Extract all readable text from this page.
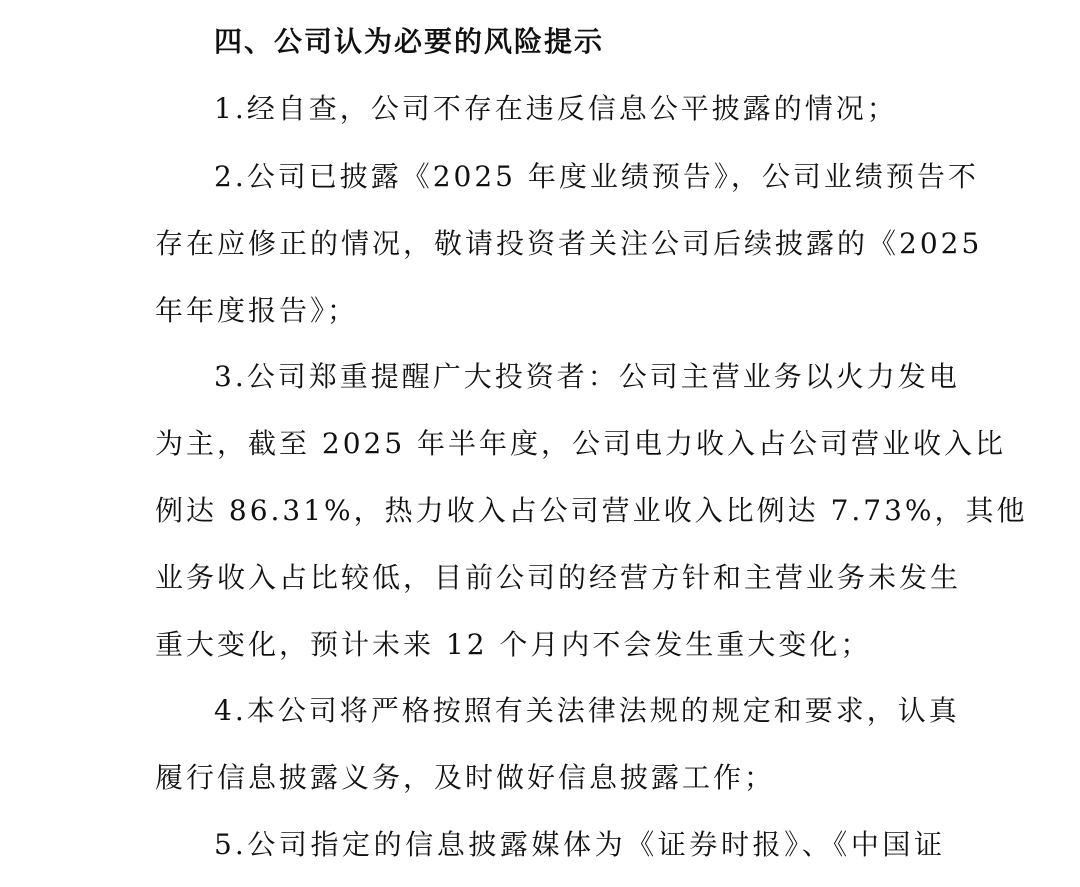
四、公司认为必要的风险提示
1.经自查，公司不存在违反信息公平披露的情况；
2.公司已披露《2025 年度业绩预告》，公司业绩预告不
存在应修正的情况，敬请投资者关注公司后续披露的《2025
年年度报告》；
3.公司郑重提醒广大投资者：公司主营业务以火力发电
为主，截至 2025 年半年度，公司电力收入占公司营业收入比
例达 86.31%，热力收入占公司营业收入比例达 7.73%，其他
业务收入占比较低，目前公司的经营方针和主营业务未发生
重大变化，预计未来 12 个月内不会发生重大变化；
4.本公司将严格按照有关法律法规的规定和要求，认真
履行信息披露义务，及时做好信息披露工作；
5.公司指定的信息披露媒体为《证券时报》、《中国证
